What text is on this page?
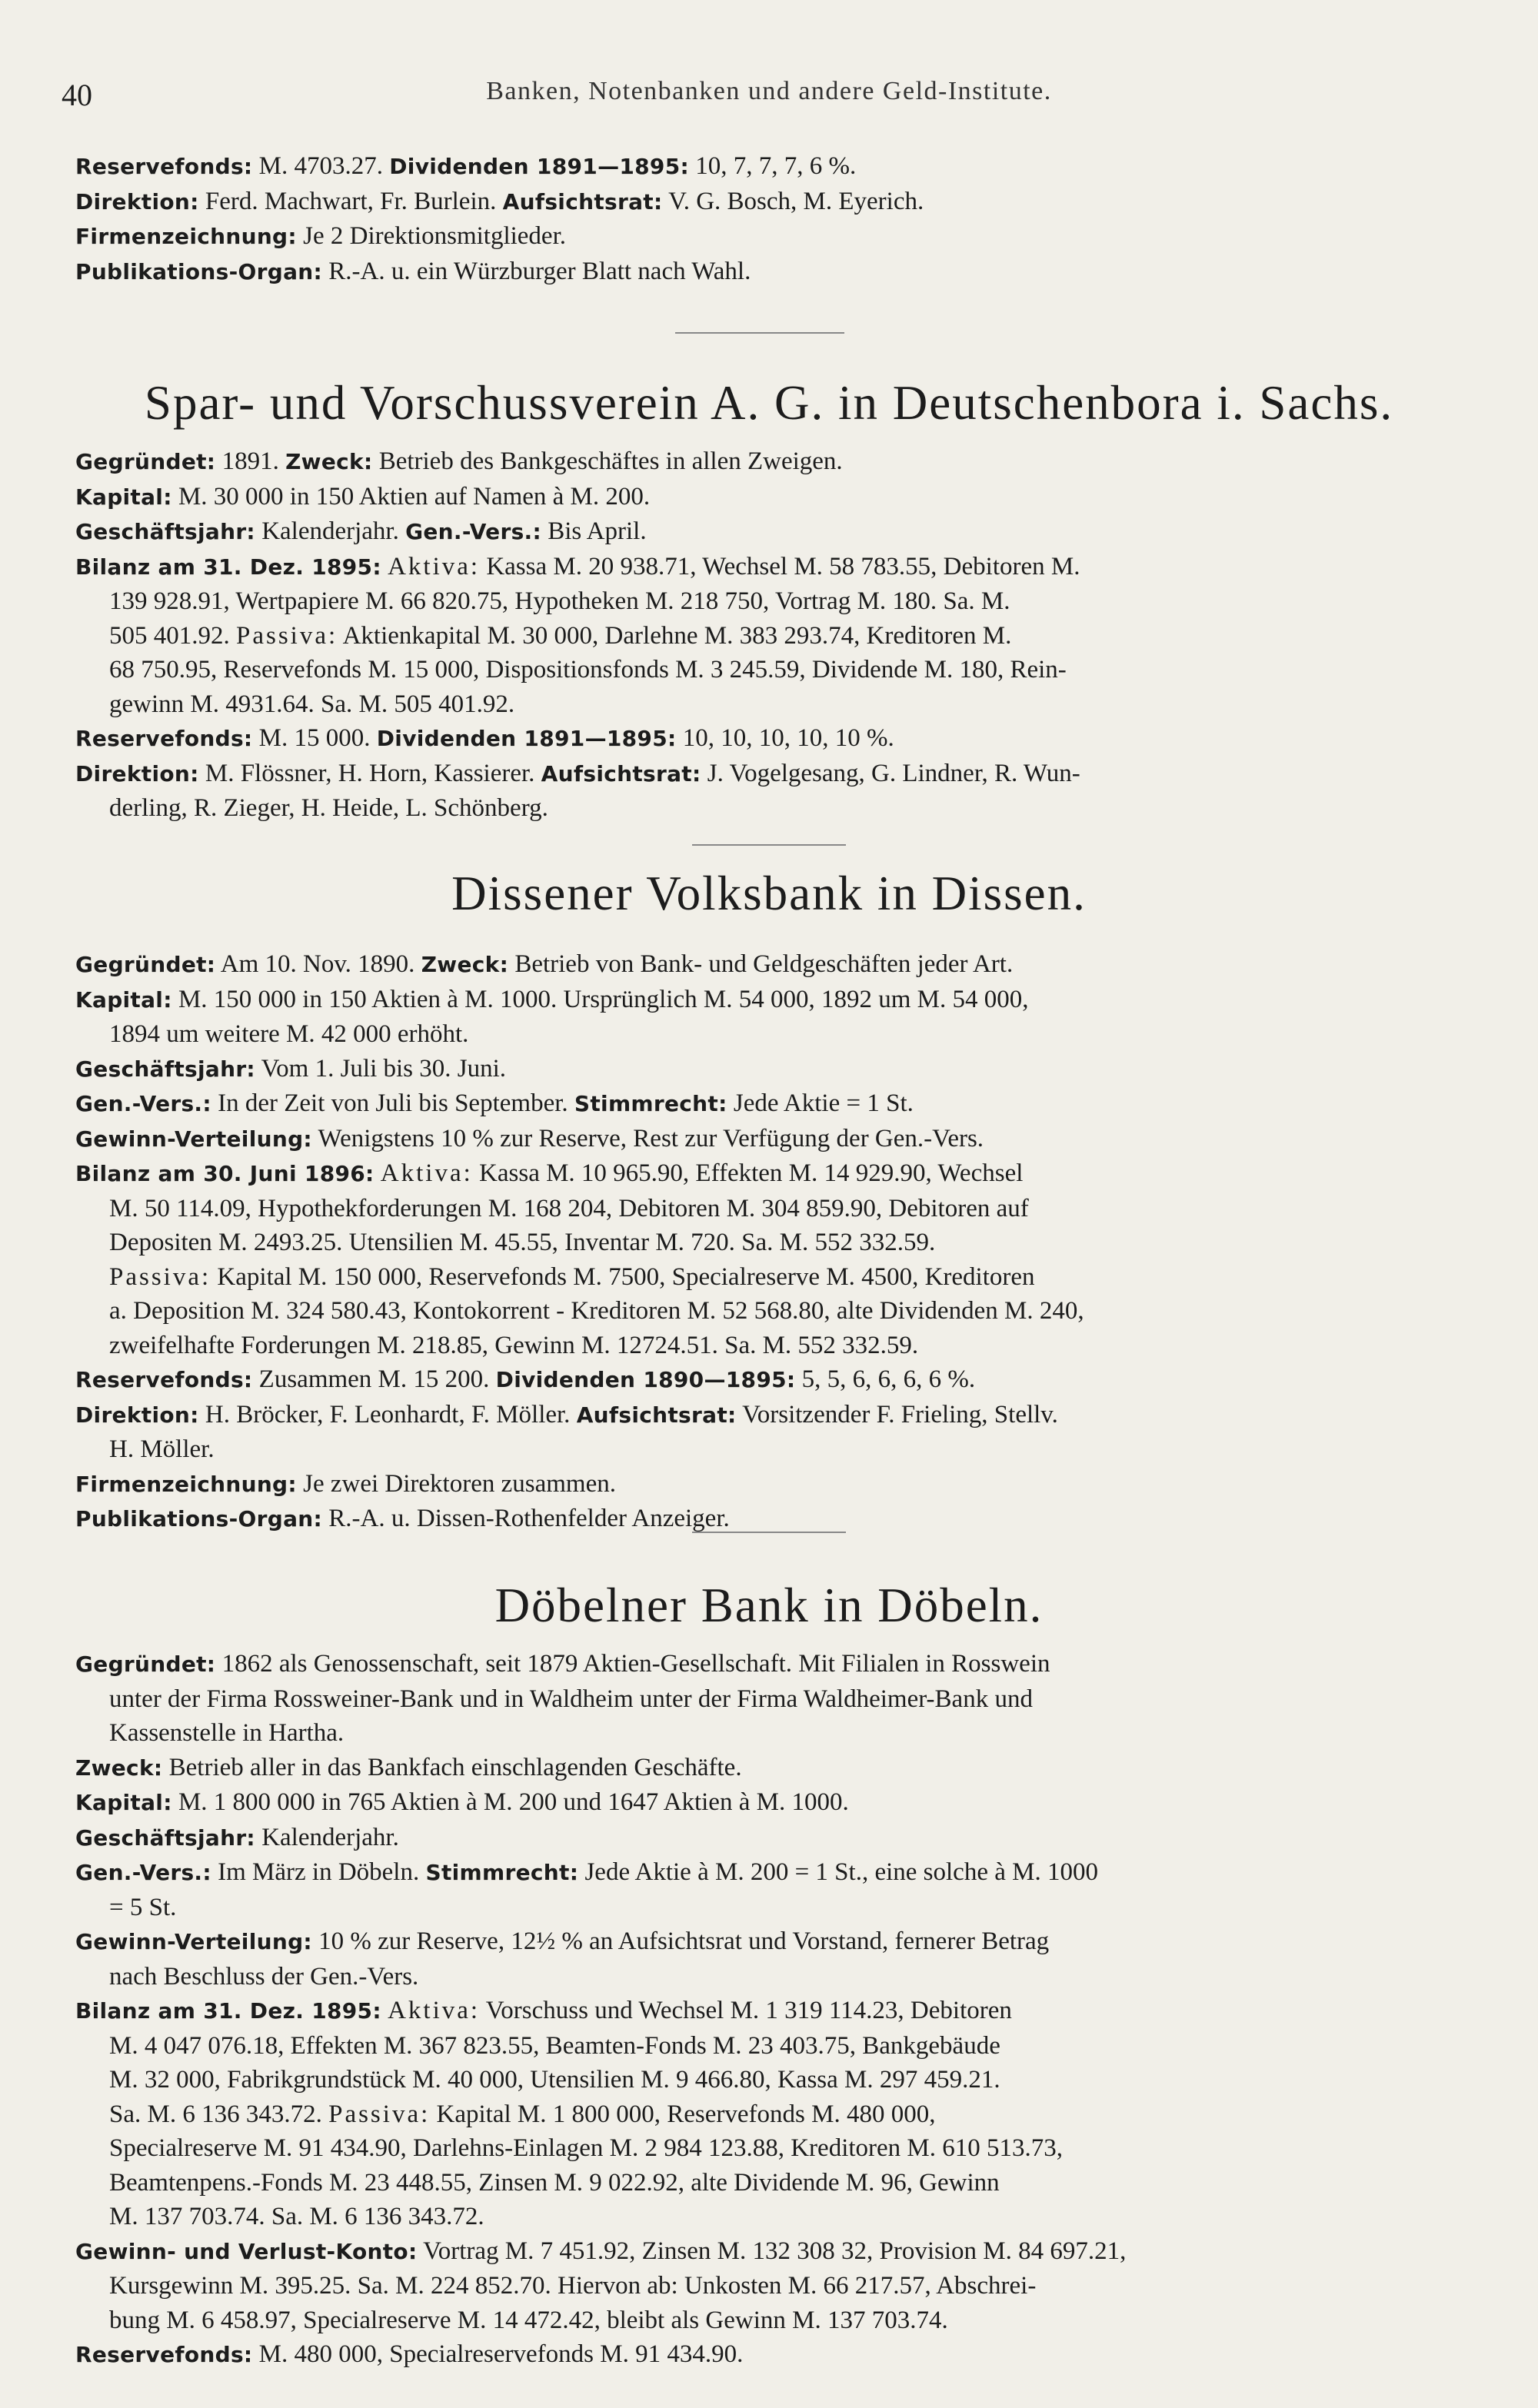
40	Banken, Notenbanken und andere Geld-Institute.
Reservefonds: M. 4703.27. Dividenden 1891—1895: 10, 7, 7, 7, 6 %.
Direktion: Ferd. Machwart, Fr. Burlein. Aufsichtsrat: V. G. Bosch, M. Eyerich.
Firmenzeichnung: Je 2 Direktionsmitglieder.
Publikations-Organ: R.-A. u. ein Würzburger Blatt nach Wahl.
Spar- und Vorschussverein A. G. in Deutschenbora i. Sachs.
Gegründet: 1891. Zweck: Betrieb des Bankgeschäftes in allen Zweigen.
Kapital: M. 30 000 in 150 Aktien auf Namen à M. 200.
Geschäftsjahr: Kalenderjahr. Gen.-Vers.: Bis April.
Bilanz am 31. Dez. 1895: Aktiva: Kassa M. 20 938.71, Wechsel M. 58 783.55, Debitoren M.
139 928.91, Wertpapiere M. 66 820.75, Hypotheken M. 218 750, Vortrag M. 180. Sa. M.
505 401.92. Passiva: Aktienkapital M. 30 000, Darlehne M. 383 293.74, Kreditoren M.
68 750.95, Reservefonds M. 15 000, Dispositionsfonds M. 3 245.59, Dividende M. 180, Rein-
gewinn M. 4931.64. Sa. M. 505 401.92.
Reservefonds: M. 15 000. Dividenden 1891—1895: 10, 10, 10, 10, 10 %.
Direktion: M. Flössner, H. Horn, Kassierer. Aufsichtsrat: J. Vogelgesang, G. Lindner, R. Wun-
derling, R. Zieger, H. Heide, L. Schönberg.
Dissener Volksbank in Dissen.
Gegründet: Am 10. Nov. 1890. Zweck: Betrieb von Bank- und Geldgeschäften jeder Art.
Kapital: M. 150 000 in 150 Aktien à M. 1000. Ursprünglich M. 54 000, 1892 um M. 54 000,
1894 um weitere M. 42 000 erhöht.
Geschäftsjahr: Vom 1. Juli bis 30. Juni.
Gen.-Vers.: In der Zeit von Juli bis September. Stimmrecht: Jede Aktie = 1 St.
Gewinn-Verteilung: Wenigstens 10 % zur Reserve, Rest zur Verfügung der Gen.-Vers.
Bilanz am 30. Juni 1896: Aktiva: Kassa M. 10 965.90, Effekten M. 14 929.90, Wechsel
M. 50 114.09, Hypothekforderungen M. 168 204, Debitoren M. 304 859.90, Debitoren auf
Depositen M. 2493.25. Utensilien M. 45.55, Inventar M. 720. Sa. M. 552 332.59.
Passiva: Kapital M. 150 000, Reservefonds M. 7500, Specialreserve M. 4500, Kreditoren
a. Deposition M. 324 580.43, Kontokorrent - Kreditoren M. 52 568.80, alte Dividenden M. 240,
zweifelhafte Forderungen M. 218.85, Gewinn M. 12724.51. Sa. M. 552 332.59.
Reservefonds: Zusammen M. 15 200. Dividenden 1890—1895: 5, 5, 6, 6, 6, 6 %.
Direktion: H. Bröcker, F. Leonhardt, F. Möller. Aufsichtsrat: Vorsitzender F. Frieling, Stellv.
H. Möller.
Firmenzeichnung: Je zwei Direktoren zusammen.
Publikations-Organ: R.-A. u. Dissen-Rothenfelder Anzeiger.
Döbelner Bank in Döbeln.
Gegründet: 1862 als Genossenschaft, seit 1879 Aktien-Gesellschaft. Mit Filialen in Rosswein
unter der Firma Rossweiner-Bank und in Waldheim unter der Firma Waldheimer-Bank und
Kassenstelle in Hartha.
Zweck: Betrieb aller in das Bankfach einschlagenden Geschäfte.
Kapital: M. 1 800 000 in 765 Aktien à M. 200 und 1647 Aktien à M. 1000.
Geschäftsjahr: Kalenderjahr.
Gen.-Vers.: Im März in Döbeln. Stimmrecht: Jede Aktie à M. 200 = 1 St., eine solche à M. 1000
= 5 St.
Gewinn-Verteilung: 10 % zur Reserve, 12½ % an Aufsichtsrat und Vorstand, fernerer Betrag
nach Beschluss der Gen.-Vers.
Bilanz am 31. Dez. 1895: Aktiva: Vorschuss und Wechsel M. 1 319 114.23, Debitoren
M. 4 047 076.18, Effekten M. 367 823.55, Beamten-Fonds M. 23 403.75, Bankgebäude
M. 32 000, Fabrikgrundstück M. 40 000, Utensilien M. 9 466.80, Kassa M. 297 459.21.
Sa. M. 6 136 343.72. Passiva: Kapital M. 1 800 000, Reservefonds M. 480 000,
Specialreserve M. 91 434.90, Darlehns-Einlagen M. 2 984 123.88, Kreditoren M. 610 513.73,
Beamtenpens.-Fonds M. 23 448.55, Zinsen M. 9 022.92, alte Dividende M. 96, Gewinn
M. 137 703.74. Sa. M. 6 136 343.72.
Gewinn- und Verlust-Konto: Vortrag M. 7 451.92, Zinsen M. 132 308 32, Provision M. 84 697.21,
Kursgewinn M. 395.25. Sa. M. 224 852.70. Hiervon ab: Unkosten M. 66 217.57, Abschrei-
bung M. 6 458.97, Specialreserve M. 14 472.42, bleibt als Gewinn M. 137 703.74.
Reservefonds: M. 480 000, Specialreservefonds M. 91 434.90.
